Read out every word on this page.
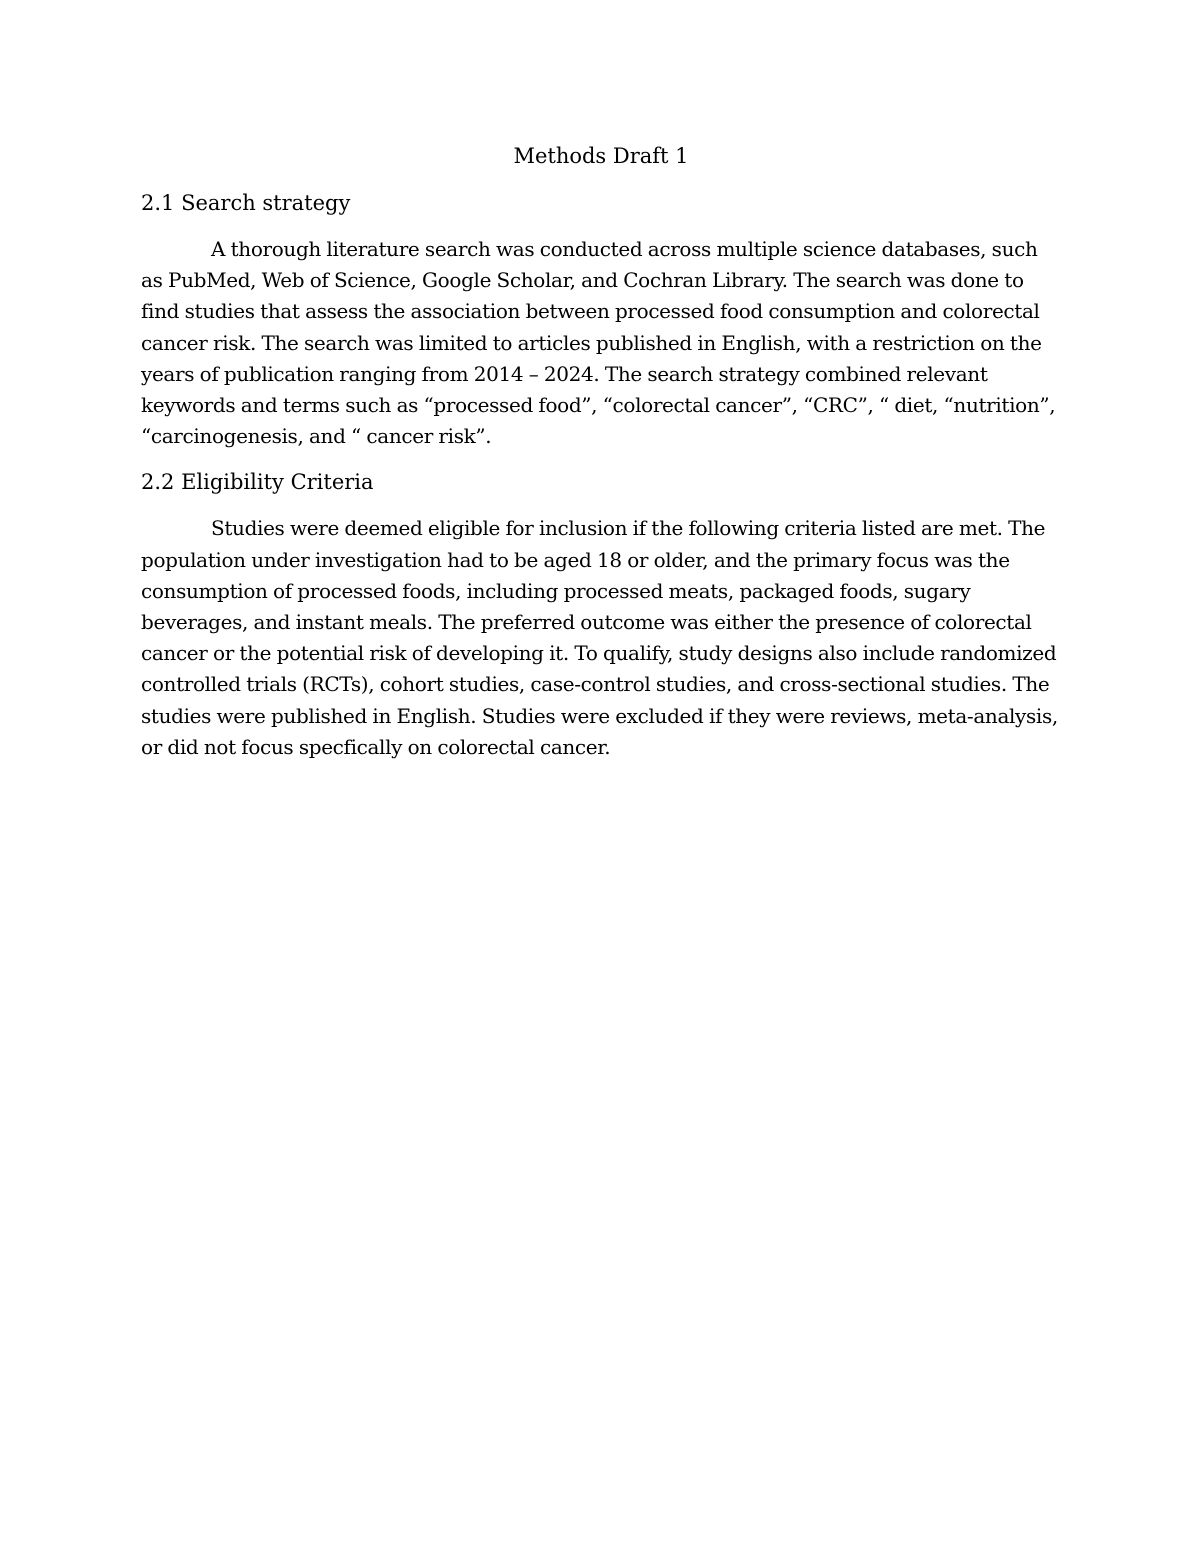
Methods Draft 1
2.1 Search strategy

A thorough literature search was conducted across multiple science databases, such as PubMed, Web of Science, Google Scholar, and Cochran Library. The search was done to find studies that assess the association between processed food consumption and colorectal cancer risk. The search was limited to articles published in English, with a restriction on the years of publication ranging from 2014 – 2024. The search strategy combined relevant keywords and terms such as “processed food”, “colorectal cancer”, “CRC”, “ diet, “nutrition”, “carcinogenesis, and “ cancer risk”.

2.2 Eligibility Criteria

Studies were deemed eligible for inclusion if the following criteria listed are met. The population under investigation had to be aged 18 or older, and the primary focus was the consumption of processed foods, including processed meats, packaged foods, sugary beverages, and instant meals. The preferred outcome was either the presence of colorectal cancer or the potential risk of developing it. To qualify, study designs also include randomized controlled trials (RCTs), cohort studies, case-control studies, and cross-sectional studies. The studies were published in English. Studies were excluded if they were reviews, meta-analysis, or did not focus specfically on colorectal cancer.
